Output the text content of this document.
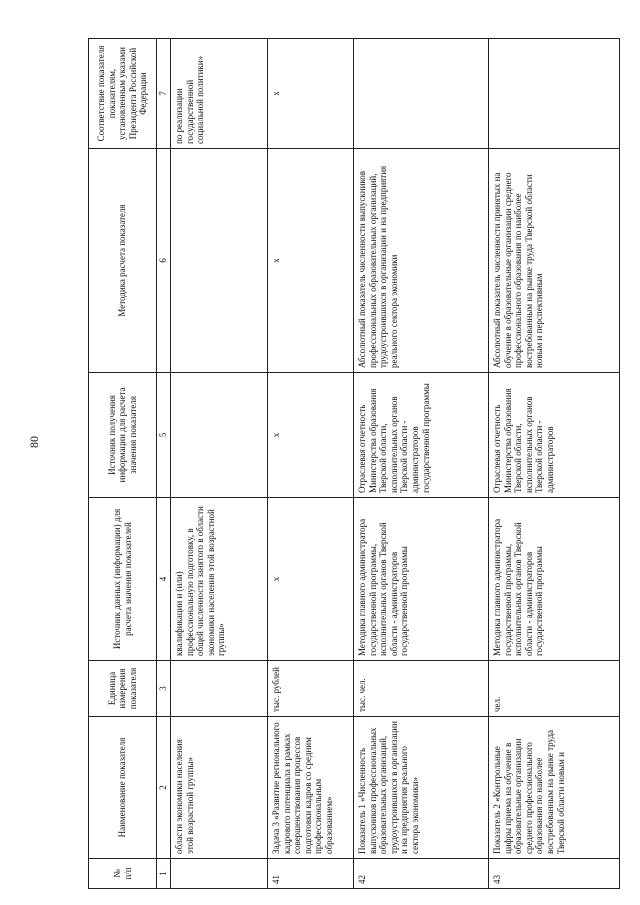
80
№
п/п	Наименование показателя	Единица измерения показателя	Источник данных (информации) для расчета значения показателей	Источник получения информации для расчета значения показателя	Методика расчета показателя	Соответствие показателя показателям, установленным указами Президента Российской Федерации
1	2	3	4	5	6	7
	области экономики населения этой возрастной группы»		квалификации и (или) профессиональную подготовку, в общей численности занятого в области экономики населения этой возрастной группы»			по реализации государственной социальной политики»
41	Задача 3 «Развитие регионального кадрового потенциала в рамках совершенствования процессов подготовки кадров со средним профессиональным образованием»	тыс. рублей	х	х	х	х
42	Показатель 1 «Численность выпускников профессиональных образовательных организаций, трудоустроившихся в организации и на предприятия реального сектора экономики»	тыс. чел.	Методика главного администратора государственной программы, исполнительных органов Тверской области - администраторов государственной программы	Отраслевая отчетность Министерства образования Тверской области, исполнительных органов Тверской области - администраторов государственной программы	Абсолютный показатель численности выпускников профессиональных образовательных организаций, трудоустроившихся в организации и на предприятия реального сектора экономики	
43	Показатель 2 «Контрольные цифры приема на обучение в образовательные организации среднего профессионального образования по наиболее востребованным на рынке труда Тверской области новым и	чел.	Методика главного администратора государственной программы, исполнительных органов Тверской области - администраторов государственной программы	Отраслевая отчетность Министерства образования Тверской области, исполнительных органов Тверской области - администраторов	Абсолютный показатель численности принятых на обучение в образовательные организации среднего профессионального образования по наиболее востребованным на рынке труда Тверской области новым и перспективным	
